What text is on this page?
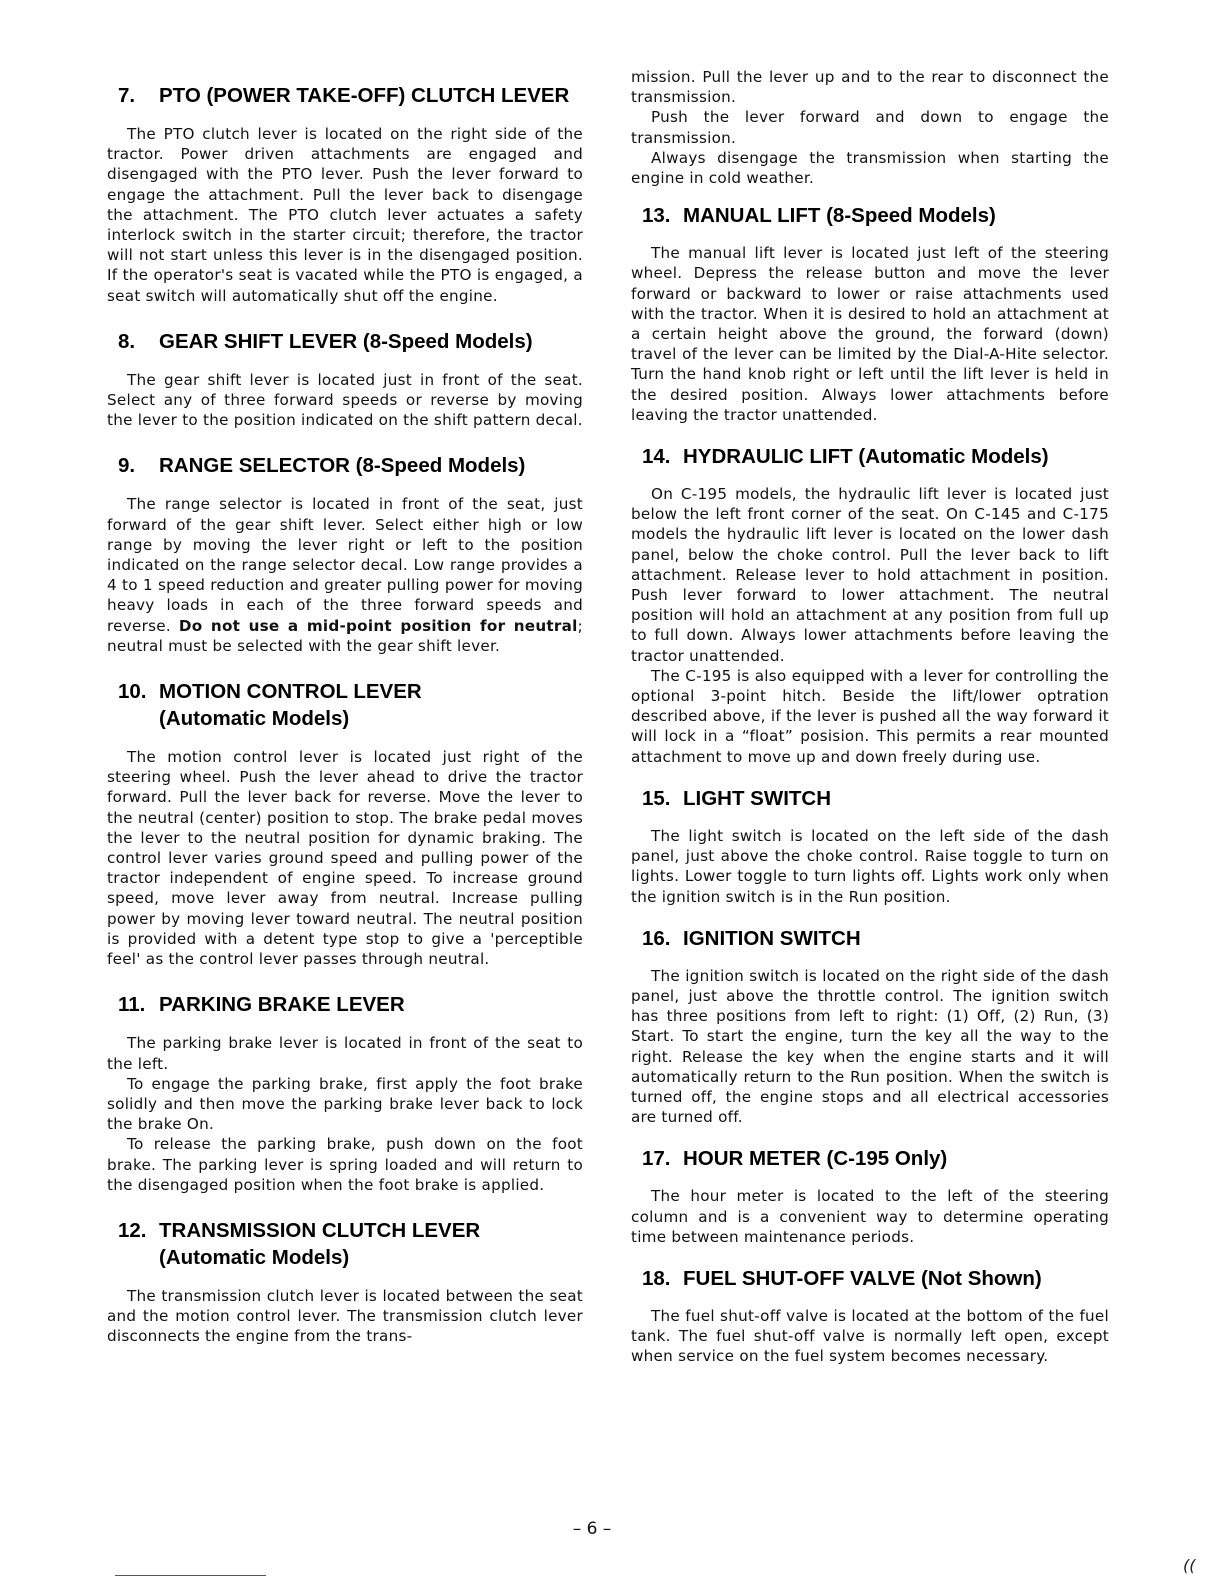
7.	PTO (POWER TAKE-OFF) CLUTCH LEVER

The PTO clutch lever is located on the right side of the tractor. Power driven attachments are engaged and disengaged with the PTO lever. Push the lever forward to engage the attachment. Pull the lever back to disengage the attachment. The PTO clutch lever actuates a safety interlock switch in the starter circuit; therefore, the tractor will not start unless this lever is in the disengaged position. If the operator's seat is vacated while the PTO is engaged, a seat switch will automatically shut off the engine.

8.	GEAR SHIFT LEVER (8-Speed Models)

The gear shift lever is located just in front of the seat. Select any of three forward speeds or reverse by moving the lever to the position indicated on the shift pattern decal.

9.	RANGE SELECTOR (8-Speed Models)

The range selector is located in front of the seat, just forward of the gear shift lever. Select either high or low range by moving the lever right or left to the position indicated on the range selector decal. Low range provides a 4 to 1 speed reduction and greater pulling power for moving heavy loads in each of the three forward speeds and reverse. Do not use a mid-point position for neutral; neutral must be selected with the gear shift lever.

10. MOTION CONTROL LEVER
(Automatic Models)

The motion control lever is located just right of the steering wheel. Push the lever ahead to drive the tractor forward. Pull the lever back for reverse. Move the lever to the neutral (center) position to stop. The brake pedal moves the lever to the neutral position for dynamic braking. The control lever varies ground speed and pulling power of the tractor independent of engine speed. To increase ground speed, move lever away from neutral. Increase pulling power by moving lever toward neutral. The neutral position is provided with a detent type stop to give a 'perceptible feel' as the control lever passes through neutral.

11. PARKING BRAKE LEVER

The parking brake lever is located in front of the seat to the left.

To engage the parking brake, first apply the foot brake solidly and then move the parking brake lever back to lock the brake On.

To release the parking brake, push down on the foot brake. The parking lever is spring loaded and will return to the disengaged position when the foot brake is applied.

12. TRANSMISSION CLUTCH LEVER
(Automatic Models)

The transmission clutch lever is located between the seat and the motion control lever. The transmission clutch lever disconnects the engine from the trans-

mission. Pull the lever up and to the rear to disconnect the transmission.

Push the lever forward and down to engage the transmission.

Always disengage the transmission when starting the engine in cold weather.

13. MANUAL LIFT (8-Speed Models)

The manual lift lever is located just left of the steering wheel. Depress the release button and move the lever forward or backward to lower or raise attachments used with the tractor. When it is desired to hold an attachment at a certain height above the ground, the forward (down) travel of the lever can be limited by the Dial-A-Hite selector. Turn the hand knob right or left until the lift lever is held in the desired position. Always lower attachments before leaving the tractor unattended.

14. HYDRAULIC LIFT (Automatic Models)

On C-195 models, the hydraulic lift lever is located just below the left front corner of the seat. On C-145 and C-175 models the hydraulic lift lever is located on the lower dash panel, below the choke control. Pull the lever back to lift attachment. Release lever to hold attachment in position. Push lever forward to lower attachment. The neutral position will hold an attachment at any position from full up to full down. Always lower attachments before leaving the tractor unattended.

The C-195 is also equipped with a lever for controlling the optional 3-point hitch. Beside the lift/lower optration described above, if the lever is pushed all the way forward it will lock in a “float” posision. This permits a rear mounted attachment to move up and down freely during use.

15. LIGHT SWITCH

The light switch is located on the left side of the dash panel, just above the choke control. Raise toggle to turn on lights. Lower toggle to turn lights off. Lights work only when the ignition switch is in the Run position.

16. IGNITION SWITCH

The ignition switch is located on the right side of the dash panel, just above the throttle control. The ignition switch has three positions from left to right: (1) Off, (2) Run, (3) Start. To start the engine, turn the key all the way to the right. Release the key when the engine starts and it will automatically return to the Run position. When the switch is turned off, the engine stops and all electrical accessories are turned off.

17. HOUR METER (C-195 Only)

The hour meter is located to the left of the steering column and is a convenient way to determine operating time between maintenance periods.

18. FUEL SHUT-OFF VALVE (Not Shown)

The fuel shut-off valve is located at the bottom of the fuel tank. The fuel shut-off valve is normally left open, except when service on the fuel system becomes necessary.

– 6 –
((
